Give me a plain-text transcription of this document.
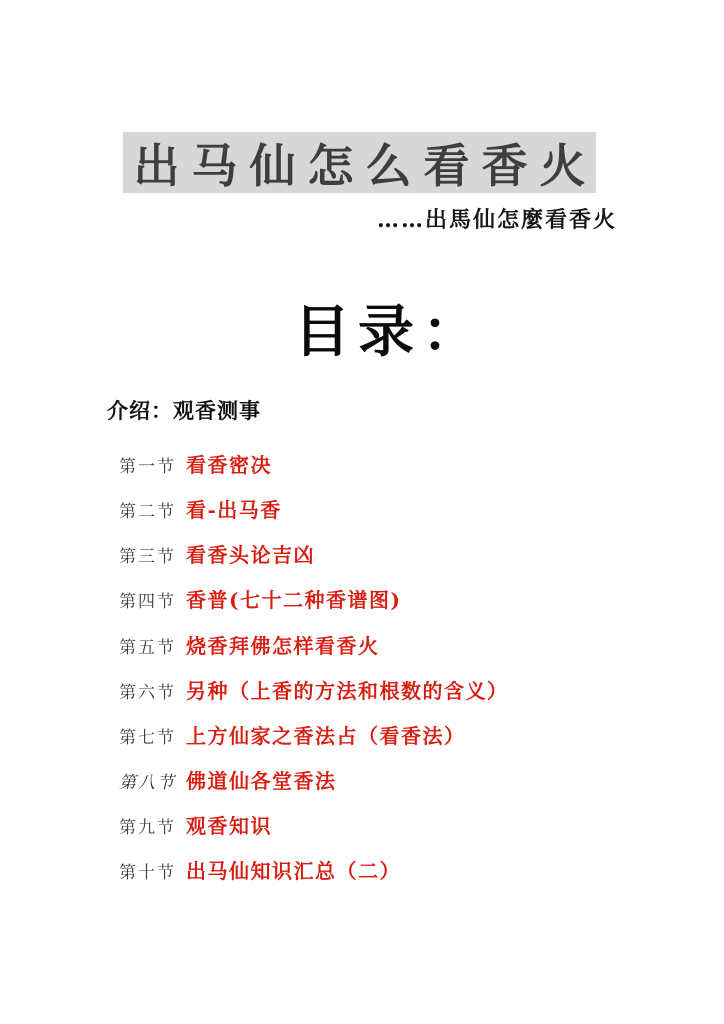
出马仙怎么看香火
……出馬仙怎麼看香火
目录：
介绍：观香测事
第一节 看香密决
第二节 看-出马香
第三节 看香头论吉凶
第四节 香普(七十二种香谱图)
第五节 烧香拜佛怎样看香火
第六节 另种（上香的方法和根数的含义）
第七节 上方仙家之香法占（看香法）
第八节 佛道仙各堂香法
第九节 观香知识
第十节 出马仙知识汇总（二）
